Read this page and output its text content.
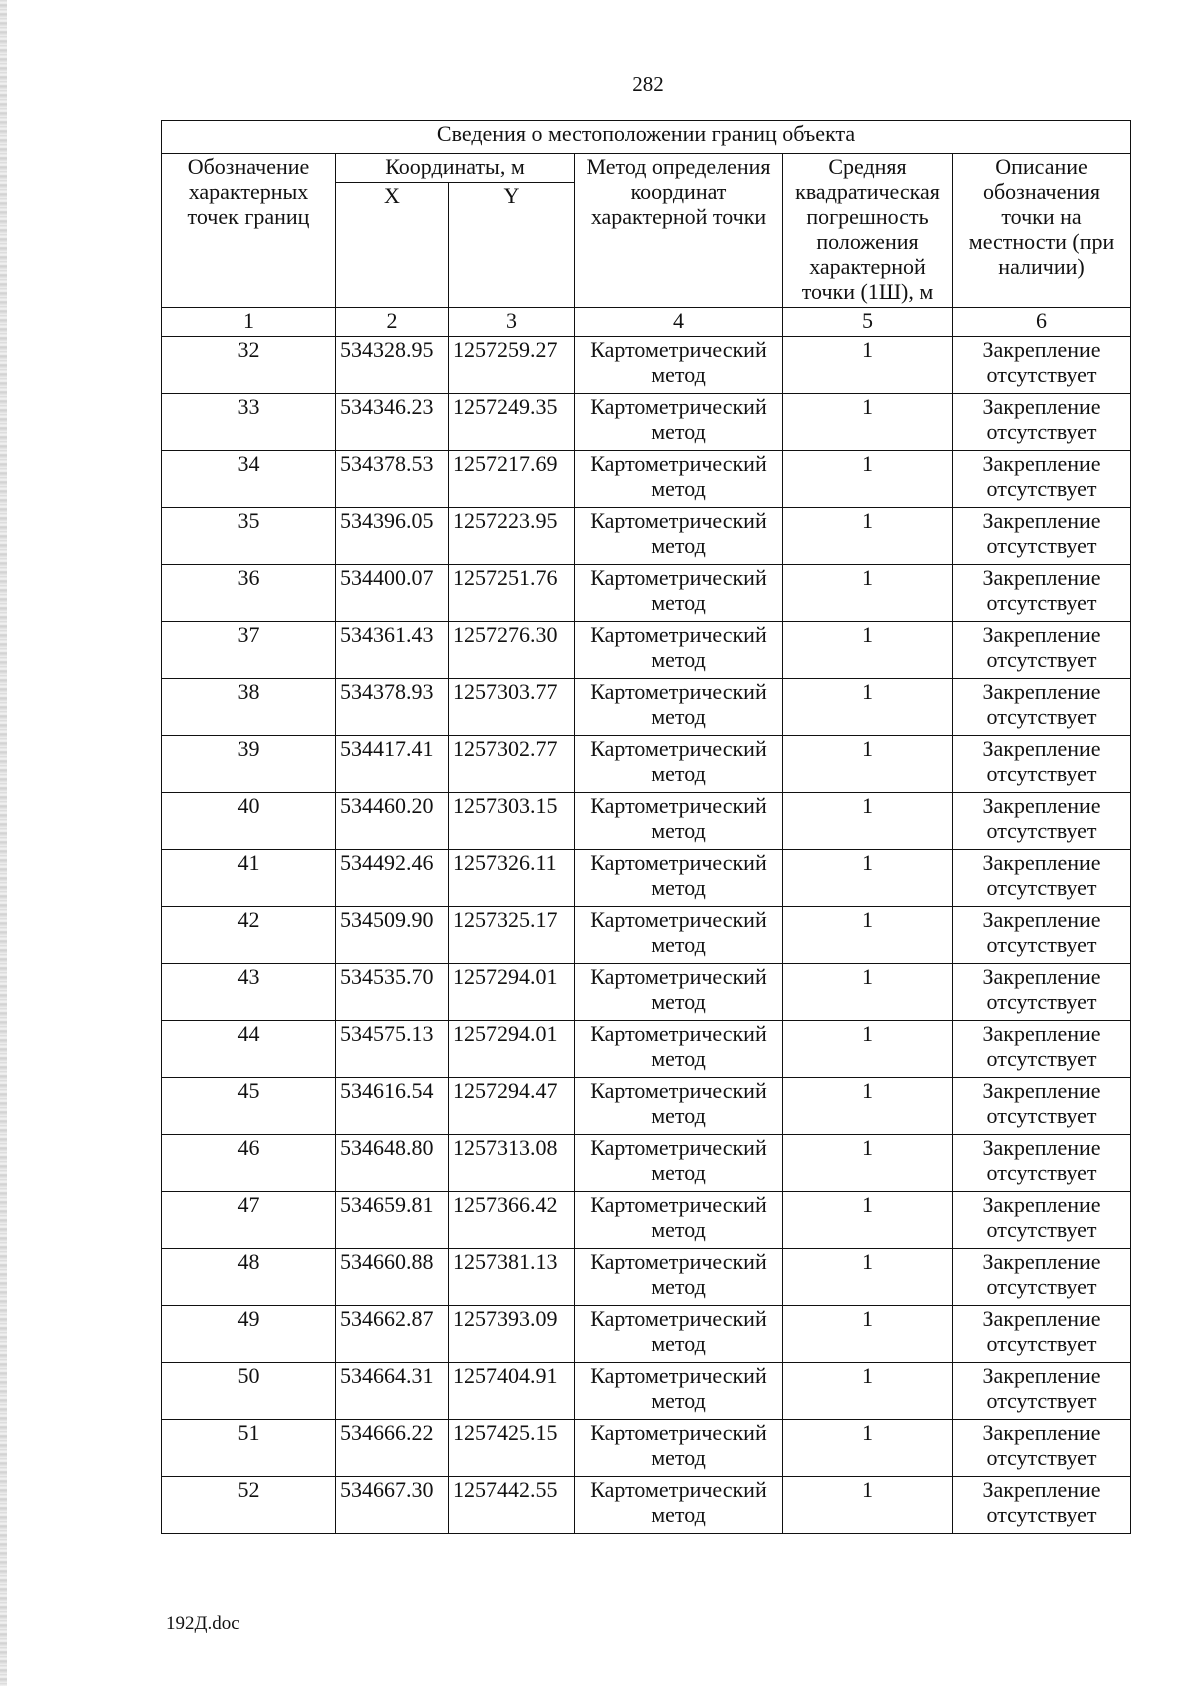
282
Сведения о местоположении границ объекта					
Обозначение характерных точек границ	Координаты, м		Метод определения координат характерной точки	Средняя квадратическая погрешность положения характерной точки (1Ш), м	Описание обозначения точки на местности (при наличии)
	X	Y			
1	2	3	4	5	6
32	534328.95	1257259.27	Картометрический метод	1	Закрепление отсутствует
33	534346.23	1257249.35	Картометрический метод	1	Закрепление отсутствует
34	534378.53	1257217.69	Картометрический метод	1	Закрепление отсутствует
35	534396.05	1257223.95	Картометрический метод	1	Закрепление отсутствует
36	534400.07	1257251.76	Картометрический метод	1	Закрепление отсутствует
37	534361.43	1257276.30	Картометрический метод	1	Закрепление отсутствует
38	534378.93	1257303.77	Картометрический метод	1	Закрепление отсутствует
39	534417.41	1257302.77	Картометрический метод	1	Закрепление отсутствует
40	534460.20	1257303.15	Картометрический метод	1	Закрепление отсутствует
41	534492.46	1257326.11	Картометрический метод	1	Закрепление отсутствует
42	534509.90	1257325.17	Картометрический метод	1	Закрепление отсутствует
43	534535.70	1257294.01	Картометрический метод	1	Закрепление отсутствует
44	534575.13	1257294.01	Картометрический метод	1	Закрепление отсутствует
45	534616.54	1257294.47	Картометрический метод	1	Закрепление отсутствует
46	534648.80	1257313.08	Картометрический метод	1	Закрепление отсутствует
47	534659.81	1257366.42	Картометрический метод	1	Закрепление отсутствует
48	534660.88	1257381.13	Картометрический метод	1	Закрепление отсутствует
49	534662.87	1257393.09	Картометрический метод	1	Закрепление отсутствует
50	534664.31	1257404.91	Картометрический метод	1	Закрепление отсутствует
51	534666.22	1257425.15	Картометрический метод	1	Закрепление отсутствует
52	534667.30	1257442.55	Картометрический метод	1	Закрепление отсутствует
192Д.doc
